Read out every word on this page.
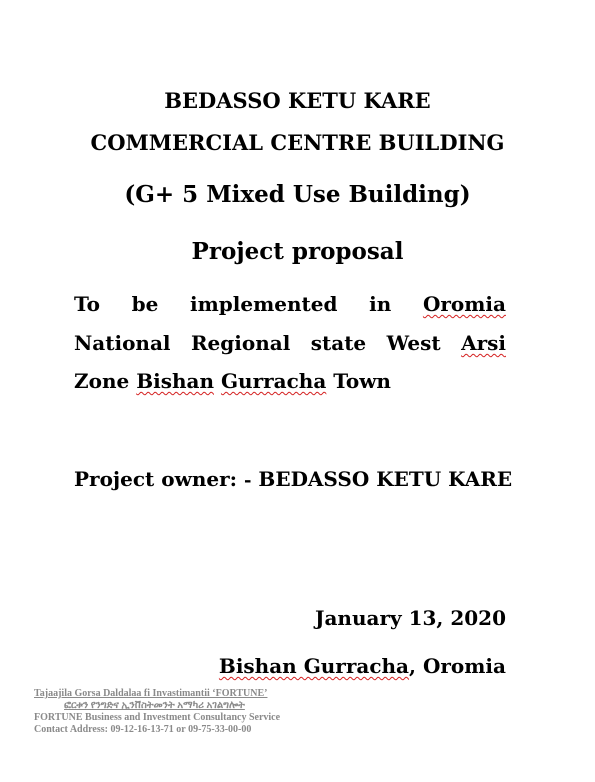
BEDASSO KETU KARE
COMMERCIAL CENTRE BUILDING
(G+ 5 Mixed Use Building)
Project proposal
To be implemented in Oromia
National Regional state West Arsi
Zone Bishan Gurracha Town
Project owner: - BEDASSO KETU KARE
January 13, 2020
Bishan Gurracha, Oromia
Tajaajila Gorsa Daldalaa fi Invastimantii ‘FORTUNE’
ፎርቱን የንግድና ኢንቨስትመንት አማካሪ አገልግሎት
FORTUNE Business and Investment Consultancy Service
Contact Address: 09-12-16-13-71 or 09-75-33-00-00
